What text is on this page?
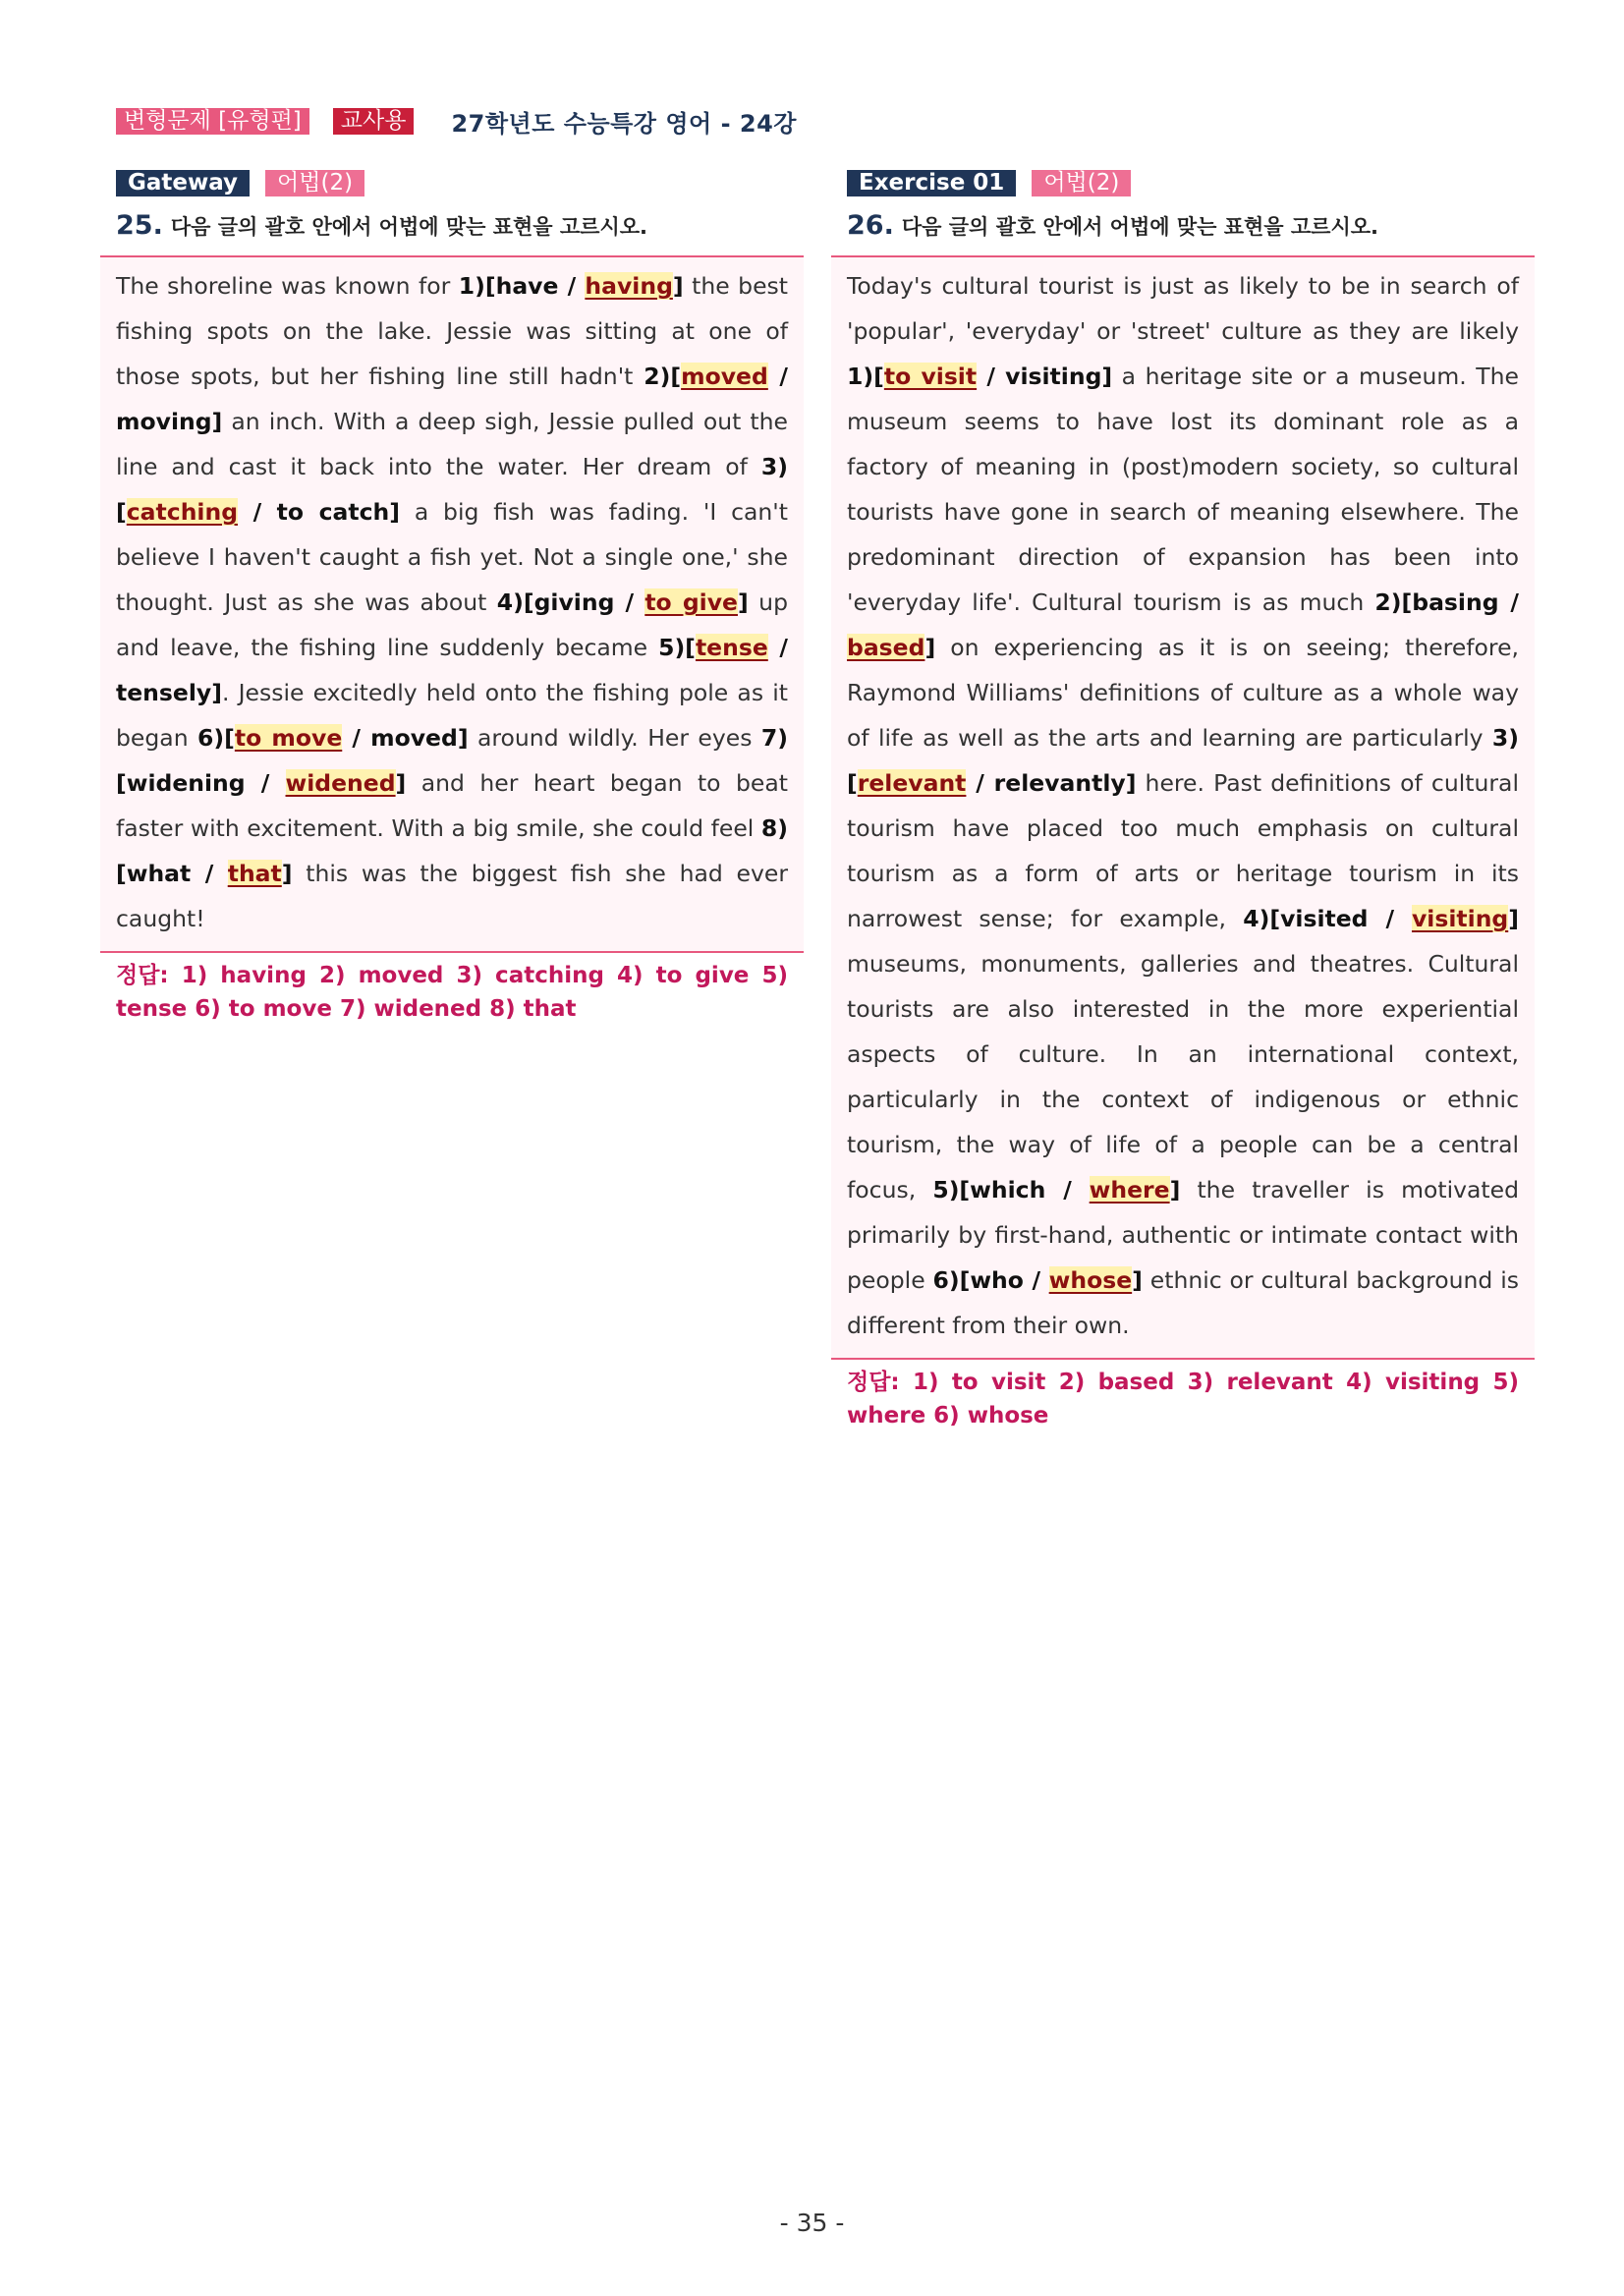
변형문제 [유형편]	교사용	27학년도 수능특강 영어 - 24강
Gateway	어법(2)
25. 다음 글의 괄호 안에서 어법에 맞는 표현을 고르시오.
The shoreline was known for 1)[have / having] the best fishing spots on the lake. Jessie was sitting at one of those spots, but her fishing line still hadn't 2)[moved / moving] an inch. With a deep sigh, Jessie pulled out the line and cast it back into the water. Her dream of 3)[catching / to catch] a big fish was fading. 'I can't believe I haven't caught a fish yet. Not a single one,' she thought. Just as she was about 4)[giving / to give] up and leave, the fishing line suddenly became 5)[tense / tensely]. Jessie excitedly held onto the fishing pole as it began 6)[to move / moved] around wildly. Her eyes 7)[widening / widened] and her heart began to beat faster with excitement. With a big smile, she could feel 8)[what / that] this was the biggest fish she had ever caught!
정답: 1) having 2) moved 3) catching 4) to give 5) tense 6) to move 7) widened 8) that
Exercise 01	어법(2)
26. 다음 글의 괄호 안에서 어법에 맞는 표현을 고르시오.
Today's cultural tourist is just as likely to be in search of 'popular', 'everyday' or 'street' culture as they are likely 1)[to visit / visiting] a heritage site or a museum. The museum seems to have lost its dominant role as a factory of meaning in (post)modern society, so cultural tourists have gone in search of meaning elsewhere. The predominant direction of expansion has been into 'everyday life'. Cultural tourism is as much 2)[basing / based] on experiencing as it is on seeing; therefore, Raymond Williams' definitions of culture as a whole way of life as well as the arts and learning are particularly 3)[relevant / relevantly] here. Past definitions of cultural tourism have placed too much emphasis on cultural tourism as a form of arts or heritage tourism in its narrowest sense; for example, 4)[visited / visiting] museums, monuments, galleries and theatres. Cultural tourists are also interested in the more experiential aspects of culture. In an international context, particularly in the context of indigenous or ethnic tourism, the way of life of a people can be a central focus, 5)[which / where] the traveller is motivated primarily by first-hand, authentic or intimate contact with people 6)[who / whose] ethnic or cultural background is different from their own.
정답: 1) to visit 2) based 3) relevant 4) visiting 5) where 6) whose
- 35 -
